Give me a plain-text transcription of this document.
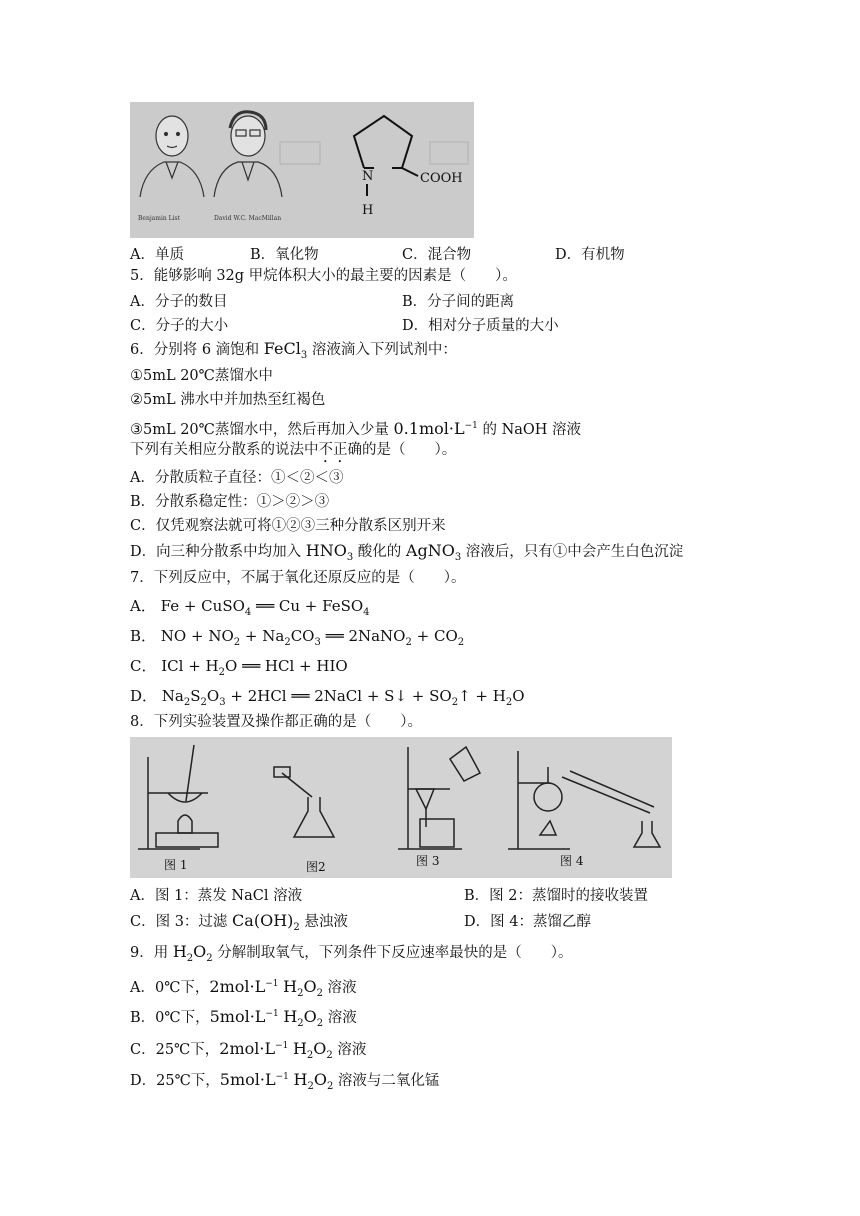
Benjamin List	David W.C. MacMillan
N
H
COOH
A．单质	B．氧化物	C．混合物	D．有机物
5．能够影响 32g 甲烷体积大小的最主要的因素是（　　）。
A．分子的数目	B．分子间的距离
C．分子的大小	D．相对分子质量的大小
6．分别将 6 滴饱和 FeCl$_3$ 溶液滴入下列试剂中：
①5mL 20℃蒸馏水中
②5mL 沸水中并加热至红褐色
③5mL 20℃蒸馏水中，然后再加入少量 $0.1mol\cdot L^{-1}$ 的 NaOH 溶液
下列有关相应分散系的说法中不正确的是（　　）。
A．分散质粒子直径：①＜②＜③
B．分散系稳定性：①＞②＞③
C．仅凭观察法就可将①②③三种分散系区别开来
D．向三种分散系中均加入 $HNO_3$ 酸化的 AgNO$_3$ 溶液后，只有①中会产生白色沉淀
7．下列反应中，不属于氧化还原反应的是（　　）。
A． Fe + CuSO$_4$ ══ Cu + FeSO$_4$
B． NO + $NO_2 + Na_2CO_3$ ══ 2NaNO$_2$ + $CO_2$
C． ICl + $H_2O$ ══ HCl + HIO
D． $Na_2S_2O_3 + 2HCl$ ══ 2NaCl + S↓ + $SO_2↑ + H_2O$
8．下列实验装置及操作都正确的是（　　）。
图 1	图2	图 3	图 4
A．图 1：蒸发 NaCl 溶液	B．图 2：蒸馏时的接收装置
C．图 3：过滤 $Ca(OH)_2$ 悬浊液	D．图 4：蒸馏乙醇
9．用 $H_2O_2$ 分解制取氧气，下列条件下反应速率最快的是（　　）。
A．0℃下，$2mol\cdot L^{-1}$ $H_2O_2$ 溶液
B．0℃下，$5mol\cdot L^{-1}$ $H_2O_2$ 溶液
C．25℃下，$2mol\cdot L^{-1}$ $H_2O_2$ 溶液
D．25℃下，$5mol\cdot L^{-1}$ $H_2O_2$ 溶液与二氧化锰
